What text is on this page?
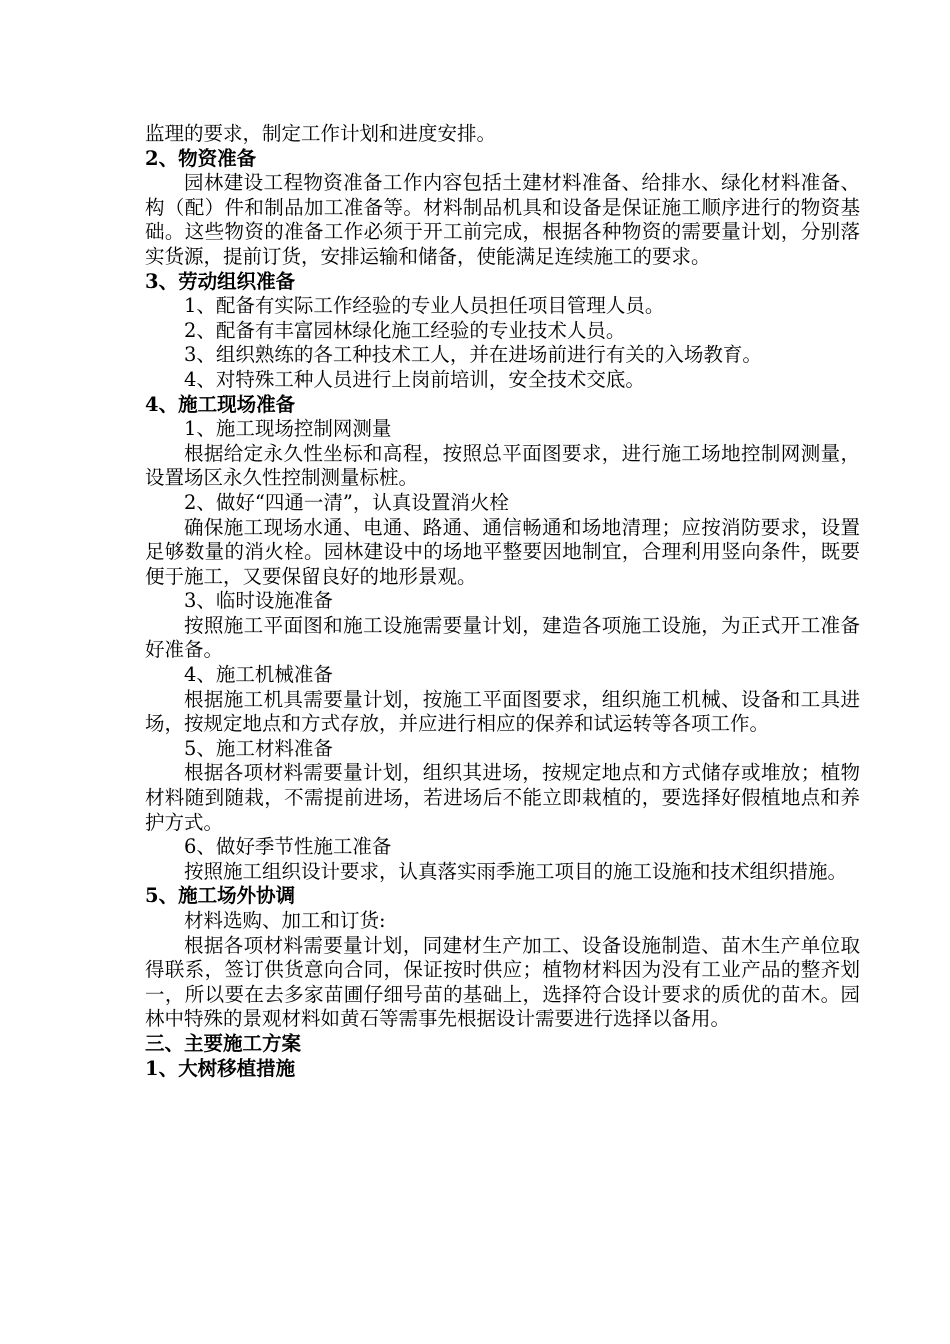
监理的要求，制定工作计划和进度安排。

2、物资准备

园林建设工程物资准备工作内容包括土建材料准备、给排水、绿化材料准备、构（配）件和制品加工准备等。材料制品机具和设备是保证施工顺序进行的物资基础。这些物资的准备工作必须于开工前完成，根据各种物资的需要量计划，分别落实货源，提前订货，安排运输和储备，使能满足连续施工的要求。

3、劳动组织准备

1、配备有实际工作经验的专业人员担任项目管理人员。

2、配备有丰富园林绿化施工经验的专业技术人员。

3、组织熟练的各工种技术工人，并在进场前进行有关的入场教育。

4、对特殊工种人员进行上岗前培训，安全技术交底。

4、施工现场准备

1、施工现场控制网测量

根据给定永久性坐标和高程，按照总平面图要求，进行施工场地控制网测量，设置场区永久性控制测量标桩。

2、做好“四通一清”，认真设置消火栓

确保施工现场水通、电通、路通、通信畅通和场地清理；应按消防要求，设置足够数量的消火栓。园林建设中的场地平整要因地制宜，合理利用竖向条件，既要便于施工，又要保留良好的地形景观。

3、临时设施准备

按照施工平面图和施工设施需要量计划，建造各项施工设施，为正式开工准备好准备。

4、施工机械准备

根据施工机具需要量计划，按施工平面图要求，组织施工机械、设备和工具进场，按规定地点和方式存放，并应进行相应的保养和试运转等各项工作。

5、施工材料准备

根据各项材料需要量计划，组织其进场，按规定地点和方式储存或堆放；植物材料随到随栽，不需提前进场，若进场后不能立即栽植的，要选择好假植地点和养护方式。

6、做好季节性施工准备

按照施工组织设计要求，认真落实雨季施工项目的施工设施和技术组织措施。

5、施工场外协调

材料选购、加工和订货:

根据各项材料需要量计划，同建材生产加工、设备设施制造、苗木生产单位取得联系，签订供货意向合同，保证按时供应；植物材料因为没有工业产品的整齐划一，所以要在去多家苗圃仔细号苗的基础上，选择符合设计要求的质优的苗木。园林中特殊的景观材料如黄石等需事先根据设计需要进行选择以备用。

三、主要施工方案

1、大树移植措施
